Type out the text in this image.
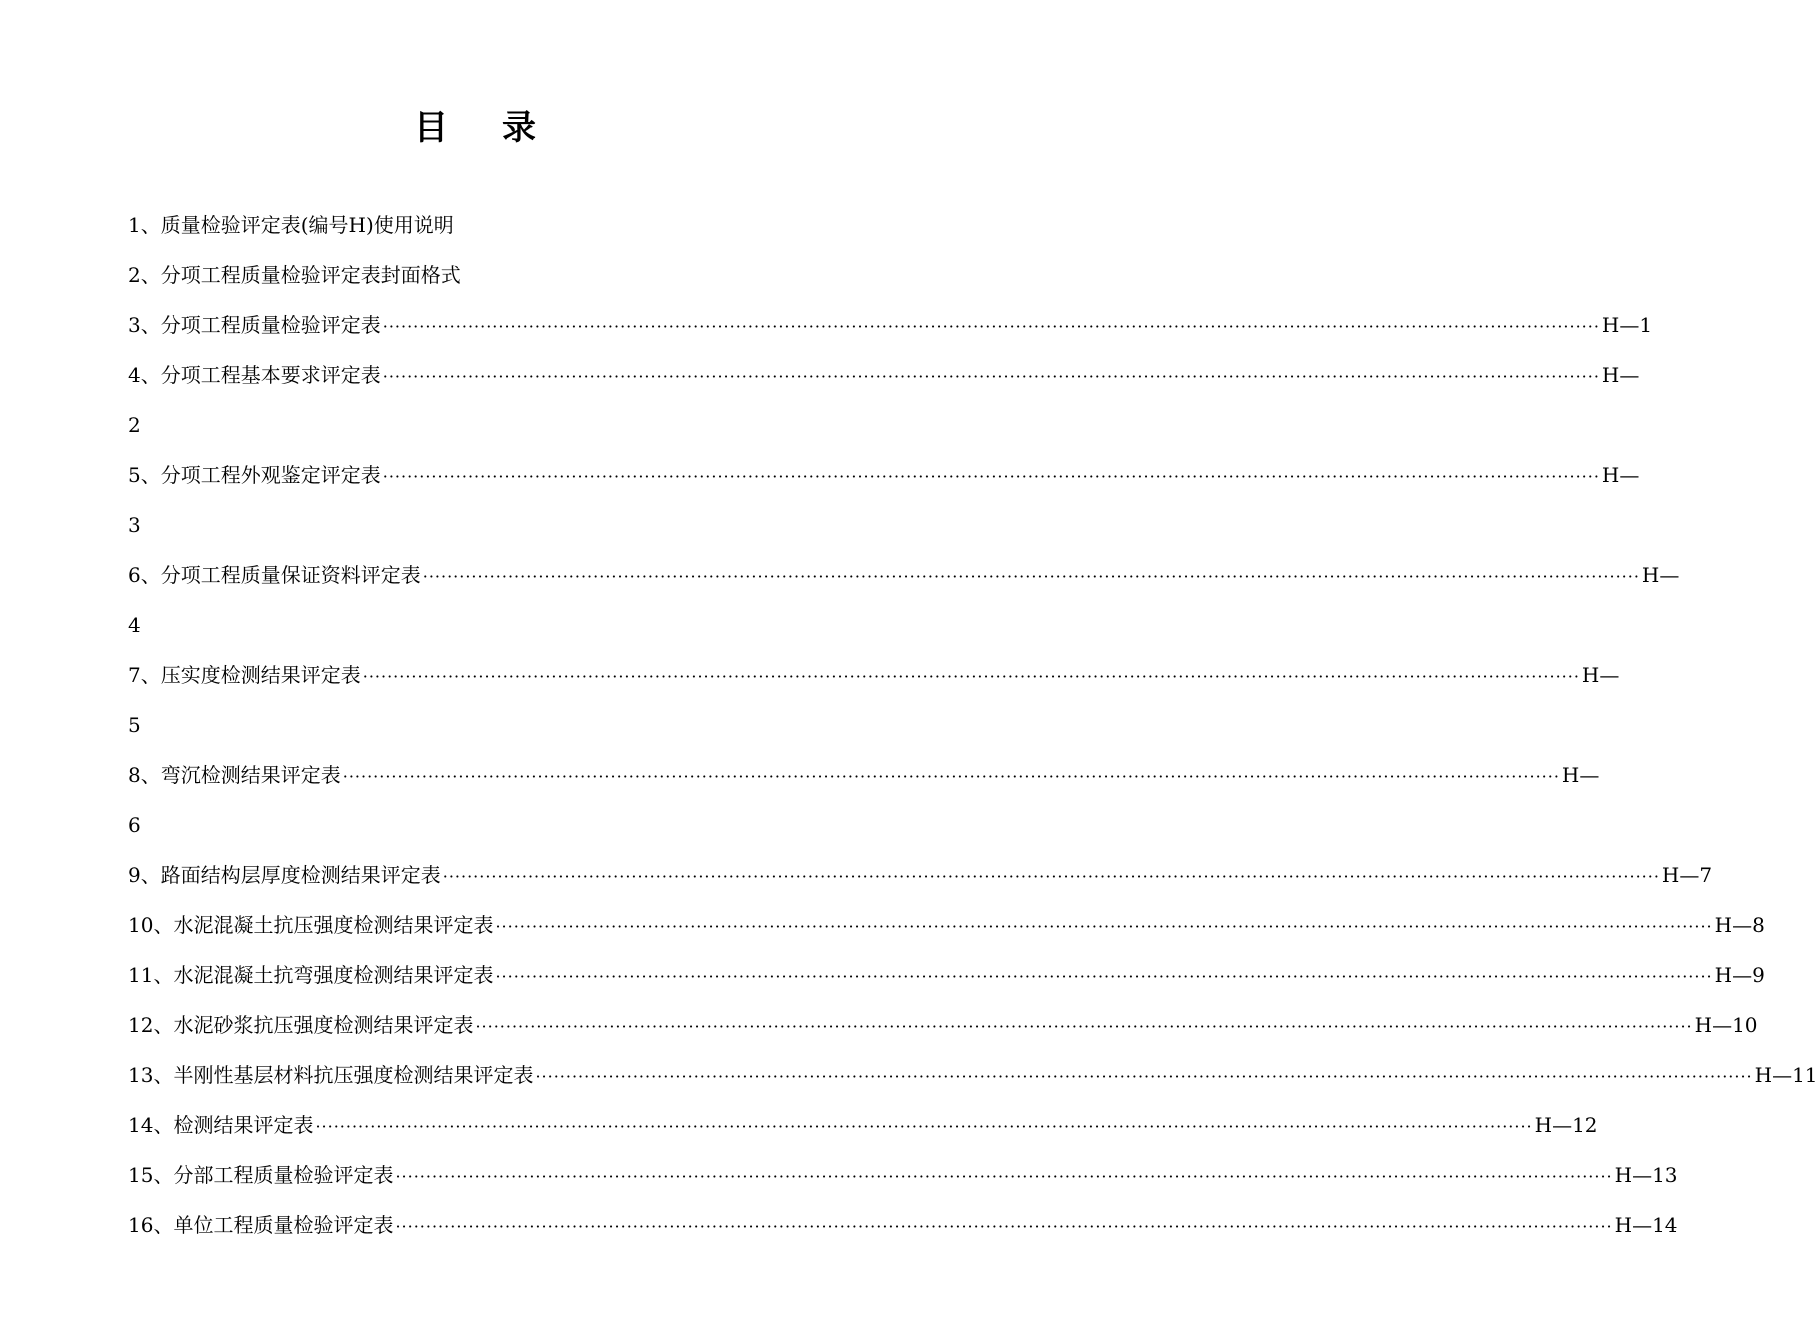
目 录
1、 质量检验评定表(编号H)使用说明
2、 分项工程质量检验评定表封面格式
3、 分项工程质量检验评定表 ········································································································································································································ H—1
4、 分项工程基本要求评定表 ········································································································································································································ H—
2
5、 分项工程外观鉴定评定表 ········································································································································································································ H—
3
6、 分项工程质量保证资料评定表 ········································································································································································································ H—
4
7、 压实度检测结果评定表 ········································································································································································································ H—
5
8、 弯沉检测结果评定表 ········································································································································································································ H—
6
9、 路面结构层厚度检测结果评定表 ········································································································································································································ H—7
10、 水泥混凝土抗压强度检测结果评定表 ········································································································································································································ H—8
11、 水泥混凝土抗弯强度检测结果评定表 ········································································································································································································ H—9
12、 水泥砂浆抗压强度检测结果评定表 ········································································································································································································ H—10
13、 半刚性基层材料抗压强度检测结果评定表 ········································································································································································································ H—11
14、 检测结果评定表 ········································································································································································································ H—12
15、 分部工程质量检验评定表 ········································································································································································································ H—13
16、 单位工程质量检验评定表 ········································································································································································································ H—14
